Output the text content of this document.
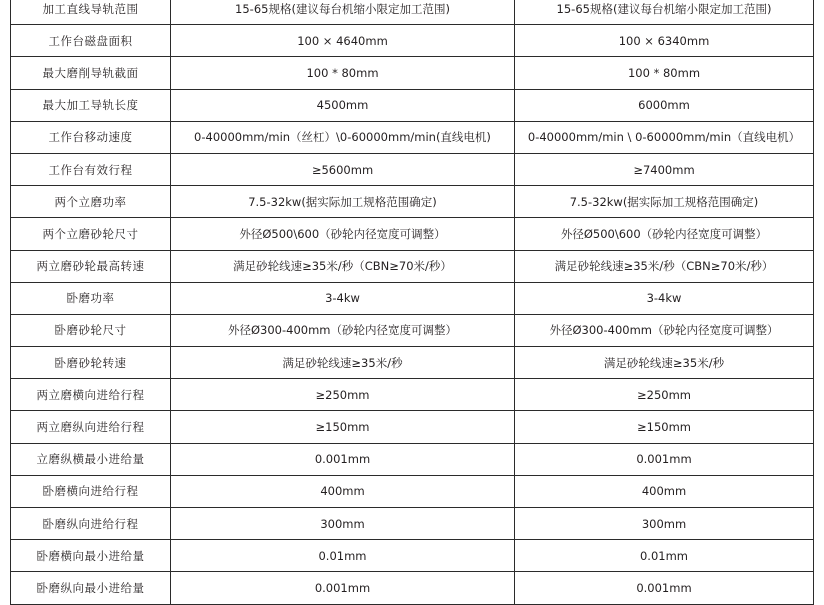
加工直线导轨范围	15-65规格(建议每台机缩小限定加工范围)	15-65规格(建议每台机缩小限定加工范围)
工作台磁盘面积	100 × 4640mm	100 × 6340mm
最大磨削导轨截面	100 * 80mm	100 * 80mm
最大加工导轨长度	4500mm	6000mm
工作台移动速度	0-40000mm/min（丝杠）\0-60000mm/min(直线电机)	0-40000mm/min \ 0-60000mm/min（直线电机）
工作台有效行程	≥5600mm	≥7400mm
两个立磨功率	7.5-32kw(据实际加工规格范围确定)	7.5-32kw(据实际加工规格范围确定)
两个立磨砂轮尺寸	外径Ø500\600（砂轮内径宽度可调整）	外径Ø500\600（砂轮内径宽度可调整）
两立磨砂轮最高转速	满足砂轮线速≥35米/秒（CBN≥70米/秒）	满足砂轮线速≥35米/秒（CBN≥70米/秒）
卧磨功率	3-4kw	3-4kw
卧磨砂轮尺寸	外径Ø300-400mm（砂轮内径宽度可调整）	外径Ø300-400mm（砂轮内径宽度可调整）
卧磨砂轮转速	满足砂轮线速≥35米/秒	满足砂轮线速≥35米/秒
两立磨横向进给行程	≥250mm	≥250mm
两立磨纵向进给行程	≥150mm	≥150mm
立磨纵横最小进给量	0.001mm	0.001mm
卧磨横向进给行程	400mm	400mm
卧磨纵向进给行程	300mm	300mm
卧磨横向最小进给量	0.01mm	0.01mm
卧磨纵向最小进给量	0.001mm	0.001mm
